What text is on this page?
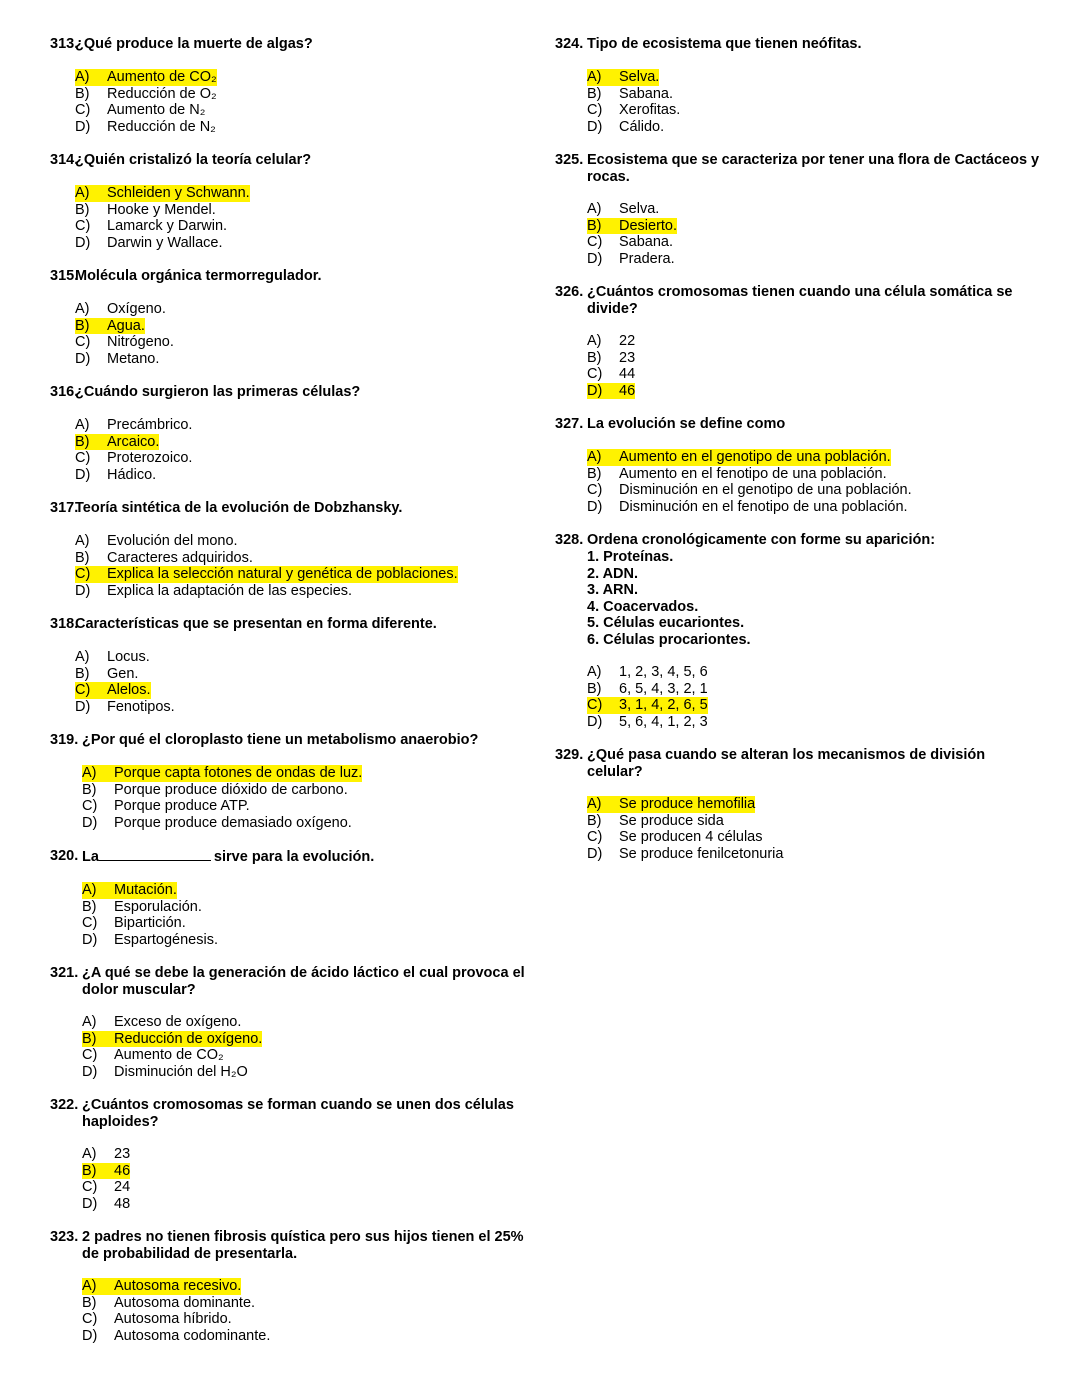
313.
¿Qué produce la muerte de algas?
A) Aumento de CO₂
B) Reducción de O₂
C) Aumento de N₂
D) Reducción de N₂
314.
¿Quién cristalizó la teoría celular?
A) Schleiden y Schwann.
B) Hooke y Mendel.
C) Lamarck y Darwin.
D) Darwin y Wallace.
315.
Molécula orgánica termorregulador.
A) Oxígeno.
B) Agua.
C) Nitrógeno.
D) Metano.
316.
¿Cuándo surgieron las primeras células?
A) Precámbrico.
B) Arcaico.
C) Proterozoico.
D) Hádico.
317.
Teoría sintética de la evolución de Dobzhansky.
A) Evolución del mono.
B) Caracteres adquiridos.
C) Explica la selección natural y genética de poblaciones.
D) Explica la adaptación de las especies.
318.
Características que se presentan en forma diferente.
A) Locus.
B) Gen.
C) Alelos.
D) Fenotipos.
319. ¿Por qué el cloroplasto tiene un metabolismo anaerobio?
A) Porque capta fotones de ondas de luz.
B) Porque produce dióxido de carbono.
C) Porque produce ATP.
D) Porque produce demasiado oxígeno.
320. La	sirve para la evolución.
A) Mutación.
B) Esporulación.
C) Bipartición.
D) Espartogénesis.
321. ¿A qué se debe la generación de ácido láctico el cual provoca el
dolor muscular?
A) Exceso de oxígeno.
B) Reducción de oxígeno.
C) Aumento de CO₂
D) Disminución del H₂O
322. ¿Cuántos cromosomas se forman cuando se unen dos células
haploides?
A) 23
B) 46
C) 24
D) 48
323. 2 padres no tienen fibrosis quística pero sus hijos tienen el 25%
de probabilidad de presentarla.
A) Autosoma recesivo.
B) Autosoma dominante.
C) Autosoma híbrido.
D) Autosoma codominante.
324. Tipo de ecosistema que tienen neófitas.
A) Selva.
B) Sabana.
C) Xerofitas.
D) Cálido.
325. Ecosistema que se caracteriza por tener una flora de Cactáceos y
rocas.
A) Selva.
B) Desierto.
C) Sabana.
D) Pradera.
326. ¿Cuántos cromosomas tienen cuando una célula somática se
divide?
A) 22
B) 23
C) 44
D) 46
327. La evolución se define como
A) Aumento en el genotipo de una población.
B) Aumento en el fenotipo de una población.
C) Disminución en el genotipo de una población.
D) Disminución en el fenotipo de una población.
328. Ordena cronológicamente con forme su aparición:
1. Proteínas.
2. ADN.
3. ARN.
4. Coacervados.
5. Células eucariontes.
6. Células procariontes.
A) 1, 2, 3, 4, 5, 6
B) 6, 5, 4, 3, 2, 1
C) 3, 1, 4, 2, 6, 5
D) 5, 6, 4, 1, 2, 3
329. ¿Qué pasa cuando se alteran los mecanismos de división
celular?
A) Se produce hemofilia
B) Se produce sida
C) Se producen 4 células
D) Se produce fenilcetonuria
